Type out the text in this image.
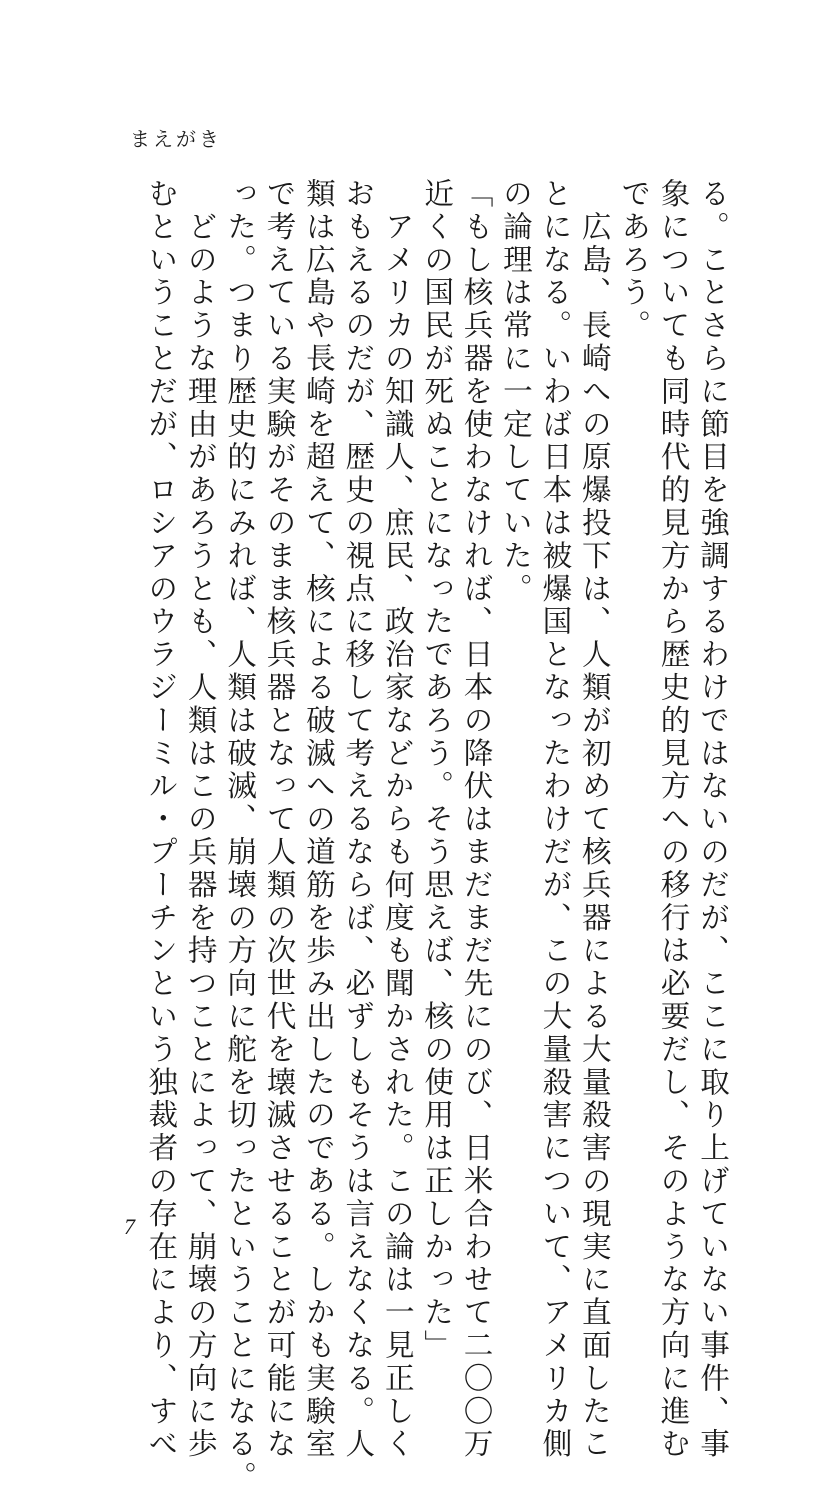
まえがき
る。ことさらに節目を強調するわけではないのだが、ここに取り上げていない事件、事
象についても同時代的見方から歴史的見方への移行は必要だし、そのような方向に進む
であろう。
　広島、長崎への原爆投下は、人類が初めて核兵器による大量殺害の現実に直面したこ
とになる。いわば日本は被爆国となったわけだが、この大量殺害について、アメリカ側
の論理は常に一定していた。
「もし核兵器を使わなければ、日本の降伏はまだまだ先にのび、日米合わせて二〇〇万
近くの国民が死ぬことになったであろう。そう思えば、核の使用は正しかった」
　アメリカの知識人、庶民、政治家などからも何度も聞かされた。この論は一見正しく
おもえるのだが、歴史の視点に移して考えるならば、必ずしもそうは言えなくなる。人
類は広島や長崎を超えて、核による破滅への道筋を歩み出したのである。しかも実験室
で考えている実験がそのまま核兵器となって人類の次世代を壊滅させることが可能にな
った。つまり歴史的にみれば、人類は破滅、崩壊の方向に舵を切ったということになる。
　どのような理由があろうとも、人類はこの兵器を持つことによって、崩壊の方向に歩
むということだが、ロシアのウラジーミル・プーチンという独裁者の存在により、すべ
7
